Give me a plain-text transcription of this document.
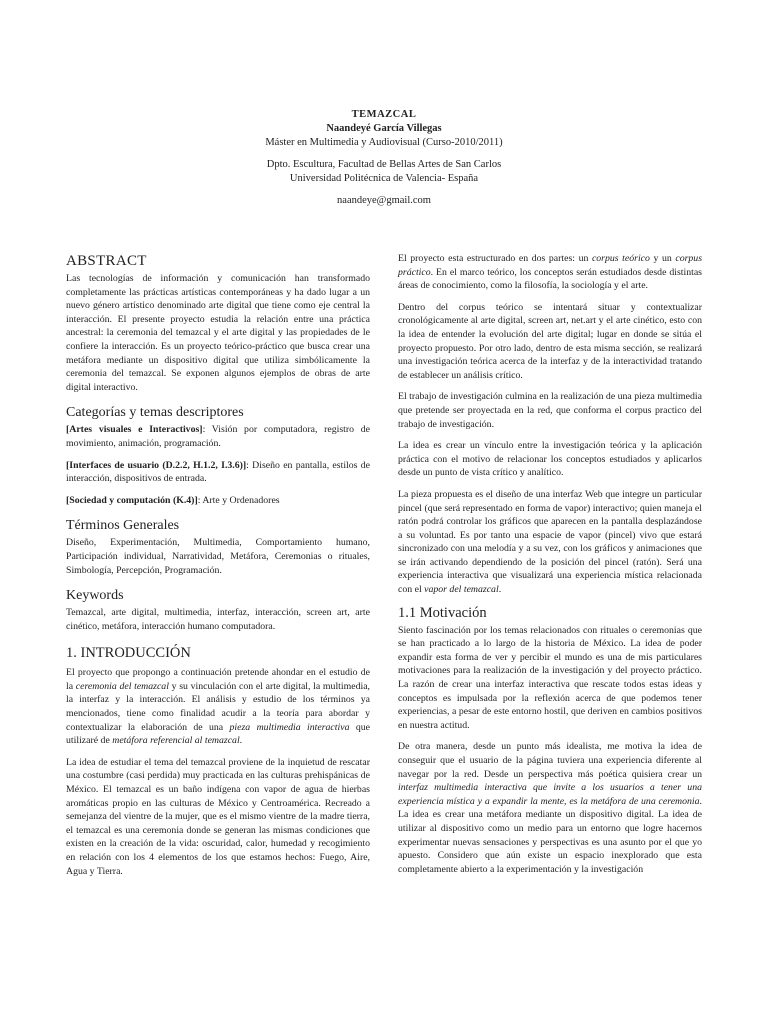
TEMAZCAL
Naandeyé García Villegas
Máster en Multimedia y Audiovisual (Curso-2010/2011)
Dpto. Escultura, Facultad de Bellas Artes de San Carlos
Universidad Politécnica de Valencia- España
naandeye@gmail.com
ABSTRACT

Las tecnologías de información y comunicación han transformado completamente las prácticas artísticas contemporáneas y ha dado lugar a un nuevo género artístico denominado arte digital que tiene como eje central la interacción. El presente proyecto estudia la relación entre una práctica ancestral: la ceremonia del temazcal y el arte digital y las propiedades de le confiere la interacción. Es un proyecto teórico-práctico que busca crear una metáfora mediante un dispositivo digital que utiliza simbólicamente la ceremonia del temazcal. Se exponen algunos ejemplos de obras de arte digital interactivo.

Categorías y temas descriptores

[Artes visuales e Interactivos]: Visión por computadora, registro de movimiento, animación, programación.

[Interfaces de usuario (D.2.2, H.1.2, I.3.6)]: Diseño en pantalla, estilos de interacción, dispositivos de entrada.

[Sociedad y computación (K.4)]: Arte y Ordenadores

Términos Generales

Diseño, Experimentación, Multimedia, Comportamiento humano, Participación individual, Narratividad, Metáfora, Ceremonias o rituales, Simbología, Percepción, Programación.

Keywords

Temazcal, arte digital, multimedia, interfaz, interacción, screen art, arte cinético, metáfora, interacción humano computadora.

1. INTRODUCCIÓN

El proyecto que propongo a continuación pretende ahondar en el estudio de la ceremonia del temazcal y su vinculación con el arte digital, la multimedia, la interfaz y la interacción. El análisis y estudio de los términos ya mencionados, tiene como finalidad acudir a la teoría para abordar y contextualizar la elaboración de una pieza multimedia interactiva que utilizaré de metáfora referencial al temazcal.

La idea de estudiar el tema del temazcal proviene de la inquietud de rescatar una costumbre (casi perdida) muy practicada en las culturas prehispánicas de México. El temazcal es un baño indígena con vapor de agua de hierbas aromáticas propio en las culturas de México y Centroamérica. Recreado a semejanza del vientre de la mujer, que es el mismo vientre de la madre tierra, el temazcal es una ceremonia donde se generan las mismas condiciones que existen en la creación de la vida: oscuridad, calor, humedad y recogimiento en relación con los 4 elementos de los que estamos hechos: Fuego, Aire, Agua y Tierra.

El proyecto esta estructurado en dos partes: un corpus teórico y un corpus práctico. En el marco teórico, los conceptos serán estudiados desde distintas áreas de conocimiento, como la filosofía, la sociología y el arte.

Dentro del corpus teórico se intentará situar y contextualizar cronológicamente al arte digital, screen art, net.art y el arte cinético, esto con la idea de entender la evolución del arte digital; lugar en donde se sitúa el proyecto propuesto. Por otro lado, dentro de esta misma sección, se realizará una investigación teórica acerca de la interfaz y de la interactividad tratando de establecer un análisis crítico.

El trabajo de investigación culmina en la realización de una pieza multimedia que pretende ser proyectada en la red, que conforma el corpus practico del trabajo de investigación.

La idea es crear un vínculo entre la investigación teórica y la aplicación práctica con el motivo de relacionar los conceptos estudiados y aplicarlos desde un punto de vista crítico y analítico.

La pieza propuesta es el diseño de una interfaz Web que integre un particular pincel (que será representado en forma de vapor) interactivo; quien maneja el ratón podrá controlar los gráficos que aparecen en la pantalla desplazándose a su voluntad. Es por tanto una espacie de vapor (pincel) vivo que estará sincronizado con una melodía y a su vez, con los gráficos y animaciones que se irán activando dependiendo de la posición del pincel (ratón). Será una experiencia interactiva que visualizará una experiencia mística relacionada con el vapor del temazcal.

1.1 Motivación

Siento fascinación por los temas relacionados con rituales o ceremonias que se han practicado a lo largo de la historia de México. La idea de poder expandir esta forma de ver y percibir el mundo es una de mis particulares motivaciones para la realización de la investigación y del proyecto práctico. La razón de crear una interfaz interactiva que rescate todos estas ideas y conceptos es impulsada por la reflexión acerca de que podemos tener experiencias, a pesar de este entorno hostil, que deriven en cambios positivos en nuestra actitud.

De otra manera, desde un punto más idealista, me motiva la idea de conseguir que el usuario de la página tuviera una experiencia diferente al navegar por la red. Desde un perspectiva más poética quisiera crear un interfaz multimedia interactiva que invite a los usuarios a tener una experiencia mística y a expandir la mente, es la metáfora de una ceremonia. La idea es crear una metáfora mediante un dispositivo digital. La idea de utilizar al dispositivo como un medio para un entorno que logre hacernos experimentar nuevas sensaciones y perspectivas es una asunto por el que yo apuesto. Considero que aún existe un espacio inexplorado que esta completamente abierto a la experimentación y la investigación
